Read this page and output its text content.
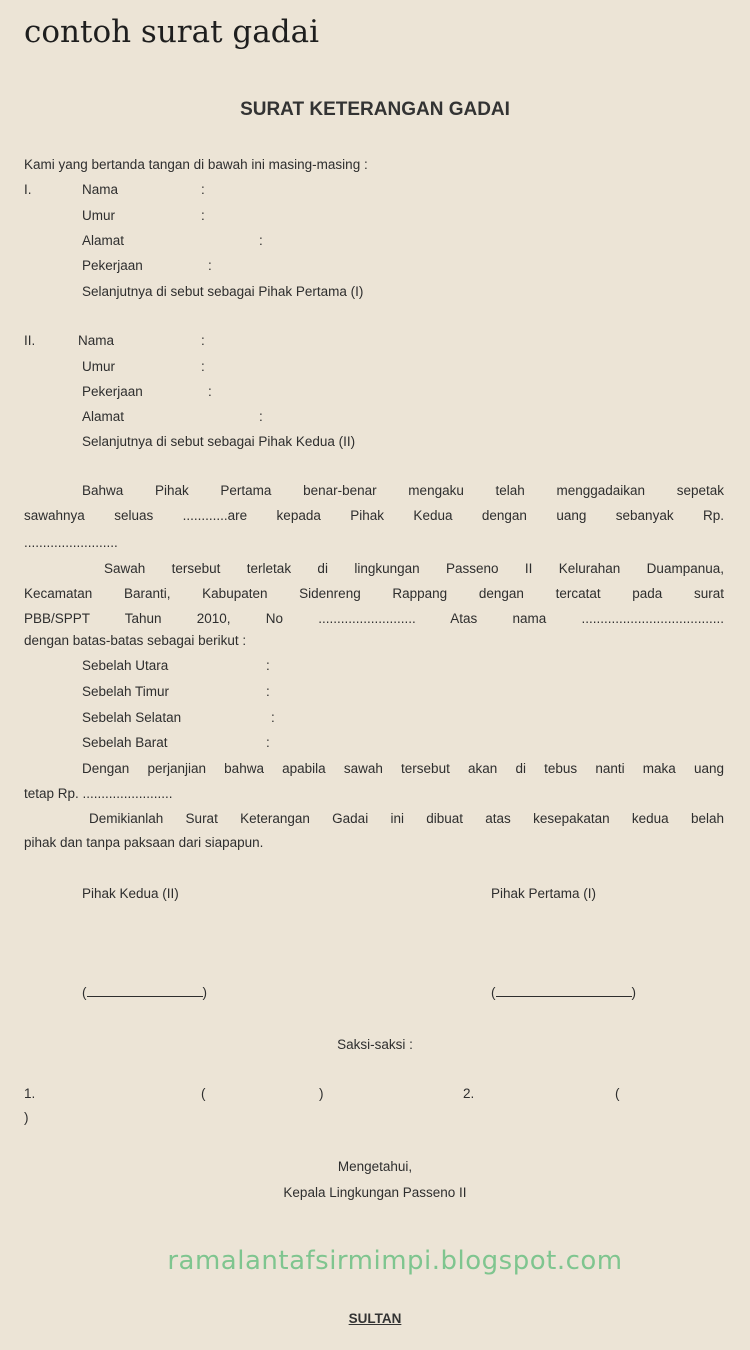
contoh surat gadai
SURAT KETERANGAN GADAI
Kami yang bertanda tangan di bawah ini masing-masing :
I.	Nama	:
Umur	:
Alamat	:
Pekerjaan	:
Selanjutnya di sebut sebagai Pihak Pertama (I)
II.	Nama	:
Umur	:
Pekerjaan	:
Alamat	:
Selanjutnya di sebut sebagai Pihak Kedua (II)
Bahwa Pihak Pertama benar-benar mengaku telah menggadaikan sepetak
sawahnya seluas ............are kepada Pihak Kedua dengan uang sebanyak Rp.
.........................
Sawah tersebut terletak di lingkungan Passeno II Kelurahan Duampanua,
Kecamatan Baranti, Kabupaten Sidenreng Rappang dengan tercatat pada surat
PBB/SPPT Tahun 2010, No .......................... Atas nama ......................................
dengan batas-batas sebagai berikut :
Sebelah Utara	:
Sebelah Timur	:
Sebelah Selatan	:
Sebelah Barat	:
Dengan perjanjian bahwa apabila sawah tersebut akan di tebus nanti maka uang
tetap Rp. ........................
Demikianlah Surat Keterangan Gadai ini dibuat atas kesepakatan kedua belah
pihak dan tanpa paksaan dari siapapun.
Pihak Kedua (II)	Pihak Pertama (I)
(	)	(	)
Saksi-saksi :
1.	(	)	2.	(
)
Mengetahui,
Kepala Lingkungan Passeno II
ramalantafsirmimpi.blogspot.com
SULTAN
